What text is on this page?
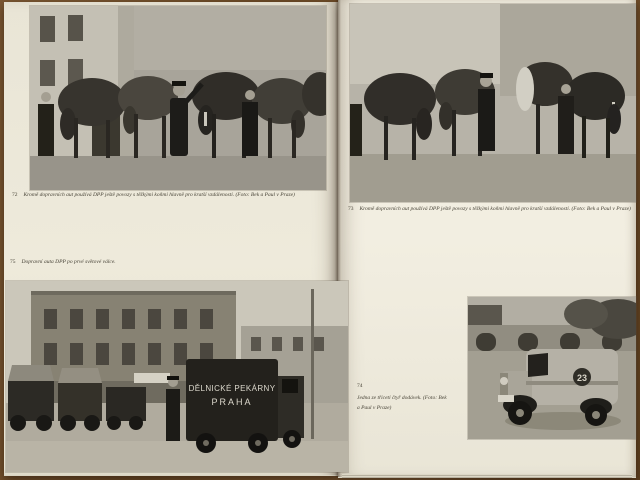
72 Kromě dopravních aut používá DPP ještě povozy s těžkými koňmi hlavně pro kratší vzdálenosti. (Foto: Bek a Paul v Praze)
75 Dopravní auta DPP po prvé světové válce.
DĚLNICKÉ PEKÁRNY
PRAHA
73 Kromě dopravních aut používá DPP ještě povozy s těžkými koňmi hlavně pro kratší vzdálenosti. (Foto: Bek a Paul v Praze)
74
Jedna ze třiceti čtyř dodávek. (Foto: Bek
a Paul v Praze)
23
